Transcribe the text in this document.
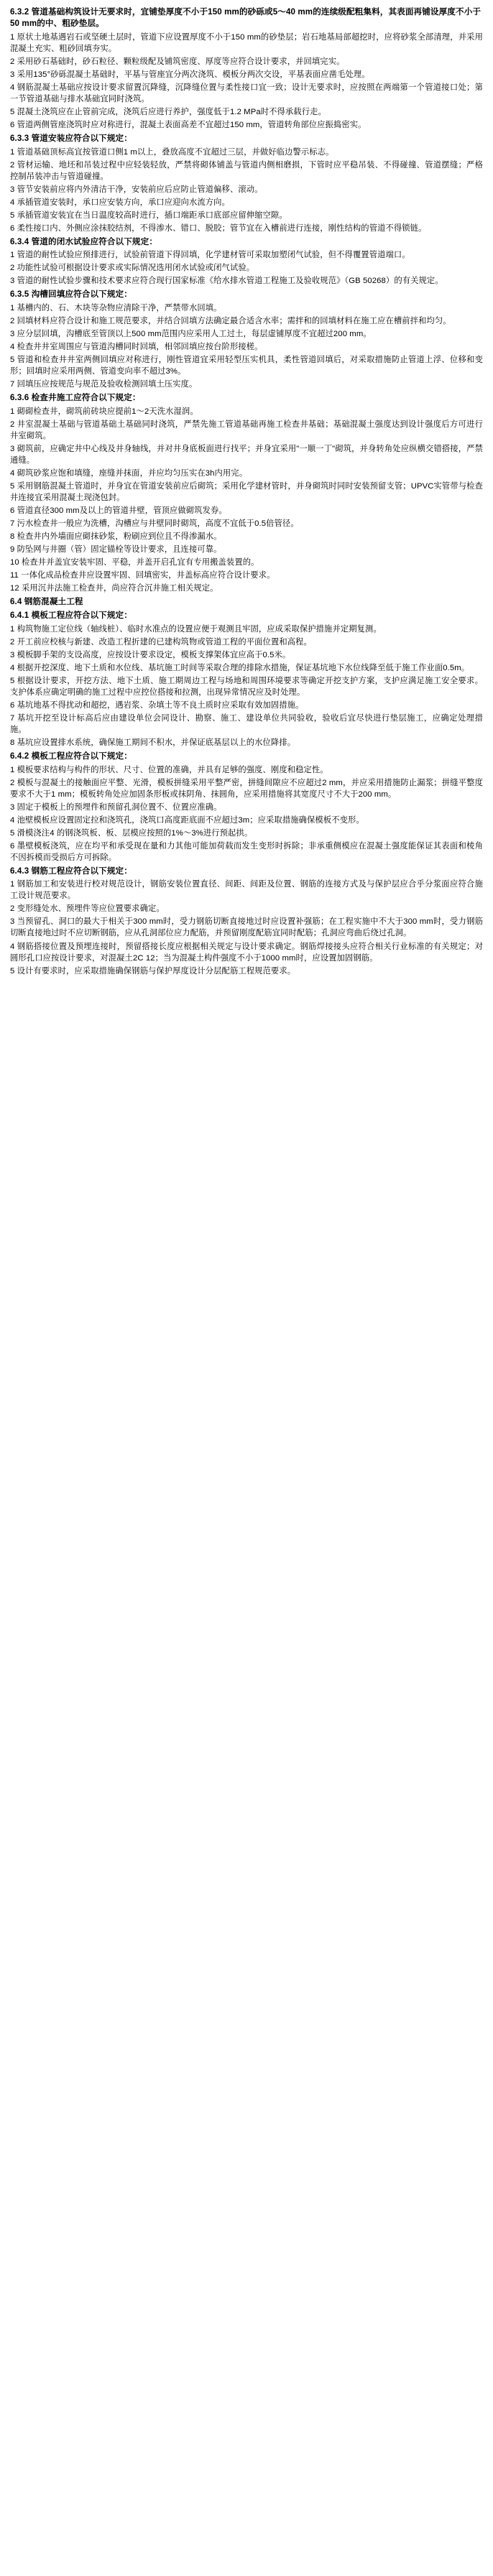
6.3.2 管道基础构筑设计无要求时，宜铺垫厚度不小于150 mm的砂砾或5～40 mm的连续级配粗集料，其表面再铺设厚度不小于50 mm的中、粗砂垫层。

1 原状土地基遇岩石或坚硬土层时，管道下应设置厚度不小于150 mm的砂垫层；岩石地基局部超挖时，应将砂浆全部清理，并采用混凝土充实、粗砂回填夯实。

2 采用砂石基础时，砂石粒径、颗粒级配及铺筑密度、厚度等应符合设计要求，并回填完实。

3 采用135°砂砾混凝土基础时，平基与管座宜分两次浇筑、模板分两次交设，平基表面应凿毛处理。

4 钢筋混凝土基础应按设计要求留置沉降缝，沉降缝位置与柔性接口宜一致；设计无要求时，应按照在两端第一个管道接口处；第一节管道基础与排水基础宜同时浇筑。

5 混凝土浇筑应在止管前完成，浇筑后应进行养护，强度低于1.2 MPa时不得承载行走。

6 管道两侧管座浇筑时应对称进行，混凝土表面高差不宜超过150 mm，管道转角部位应振捣密实。

6.3.3 管道安装应符合以下规定：

1 管道基础顶标高宜按管道口侧1 m以上，叠放高度不宜超过三层，并做好临边警示标志。

2 管材运输、地坯和吊装过程中应轻装轻放，严禁将砌体铺盖与管道内侧相磨损，下管时应平稳吊装、不得碰撞、管道摆缝；严格控制吊装冲击与管道碰撞。

3 管节安装前应将内外清洁干净，安装前应后应防止管道偏移、滚动。

4 承插管道安装时，承口应安装方向，承口应迎向水流方向。

5 承插管道安装宜在当日温度较高时进行，插口端距承口底部应留伸缩空隙。

6 柔性接口内、外侧应涂抹胶结剂，不得渗水、错口、脱胶；管节宜在入槽前进行连接，刚性结构的管道不得锁链。

6.3.4 管道的闭水试验应符合以下规定：

1 管道的耐性试验应预排进行，试验前管道下得回填，化学建材管可采取加塑闭气试验，但不得覆置管道端口。

2 功能性试验可根据设计要求或实际情况选用闭水试验或闭气试验。

3 管道的耐性试验步骤和技术要求应符合现行国家标准《给水排水管道工程施工及验收规范》（GB 50268）的有关规定。

6.3.5 沟槽回填应符合以下规定：

1 基槽内的、石、木块等杂物应清除干净，严禁带水回填。

2 回填材料应符合设计和施工规范要求，并结合回填方法确定最合适含水率；需拌和的回填材料在施工应在槽前拌和均匀。

3 应分层回填，沟槽底至管顶以上500 mm范围内应采用人工过土，每层虚铺厚度不宜超过200 mm。

4 检查井井室周围应与管道沟槽同时回填，相邻回填应按台阶形接槎。

5 管道和检查井井室两侧回填应对称进行，刚性管道宜采用轻型压实机具，柔性管道回填后，对采取措施防止管道上浮、位移和变形；回填时应采用两侧、管道变向率不超过3%。

7 回填压应按规范与规范及验收检测回填土压实度。

6.3.6 检查井施工应符合以下规定：

1 砌砌检查井，砌筑前砖块应提前1～2天洗水湿润。

2 井室混凝土基础与管道基础土基础同时浇筑，严禁先施工管道基础再施工检查井基础；基础混凝土强度达到设计强度后方可进行井室砌筑。

3 砌筑前，应确定井中心线及井身轴线，并对井身底板面进行找平；并身宜采用"一顺一丁"砌筑，并身转角处应纵横交错搭接，严禁通缝。

4 砌筑砂浆应饱和填缝，座缝并抹面，并应均匀压实在3h内用完。

5 采用钢筋混凝土管道时，并身宜在管道安装前应后砌筑；采用化学建材管时，并身砌筑时同时安装预留支管；UPVC实管带与检查井连接宜采用混凝土现浇包封。

6 管道直径300 mm及以上的管道井壁，管顶应做砌筑发券。

7 污水检查井一般应为洗槽，沟槽应与井壁同时砌筑，高度不宜低于0.5倍管径。

8 检查井内外墙面应砌抹砂浆，粉刷应到位且不得渗漏水。

9 防坠网与井圈（管）固定锚栓等设计要求，且连接可靠。

10 检查井并盖宜安装牢固、平稳，并盖开启孔宜有专用搬盖装置的。

11 一体化成品检查井应设置牢固、回填密实，井盖标高应符合设计要求。

12 采用沉井法施工检查井，尚应符合沉井施工相关规定。

6.4 钢筋混凝土工程

6.4.1 模板工程应符合以下规定：

1 构筑物施工定位线（轴线桩）、临时水准点的设置应便于观测且牢固，应成采取保护措施并定期复测。

2 开工前应校核与新建、改造工程折建的已建构筑物或管道工程的平面位置和高程。

3 模板脚手架的支设高度，应按设计要求设定，模板支撑架体宜应高于0.5米。

4 根据开挖深度、地下土质和水位线、基坑施工时间等采取合理的排除水措施，保证基坑地下水位线降至低于施工作业面0.5m。

5 根据设计要求，开挖方法、地下土质、施工期周边工程与场地和周围环境要求等确定开挖支护方案，支护应满足施工安全要求。支护体系应确定明确的施工过程中应控位搭接和拉测，出现异常情况应及时处理。

6 基坑地基不得扰动和超挖，遇岩浆、杂填土等不良土质时应采取有效加固措施。

7 基坑开挖至设计标高后应由建设单位会同设计、勘察、施工、建设单位共同验收，验收后宜尽快进行垫层施工，应确定处理措施。

8 基坑应设置排水系统，确保施工期间不积水，并保证底基层以上的水位降排。

6.4.2 模板工程应符合以下规定：

1 模板要求结构与构件的形状、尺寸、位置的准确，并具有足够的强度、刚度和稳定性。

2 模板与混凝土的接触面应平整、光滑，模板拼缝采用平整严密，拼缝间隙应不应超过2 mm，并应采用措施防止漏浆；拼缝平整度要求不大于1 mm；模板转角处应加固条形板或抹阴角、抹圆角，应采用措施将其宽度尺寸不大于200 mm。

3 固定于模板上的预埋件和预留孔洞位置不、位置应准确。

4 池壁模板应设置固定拉和浇筑孔，浇筑口高度距底面不应超过3m；应采取措施确保模板不变形。

5 滑模浇注4 的钢浇筑板、板、层模应按照的1%～3%进行预起拱。

6 墨壁模板浇筑，应在均平和承受现在量和力其他可能加荷载而发生变形时拆除；非承重侧模应在混凝土强度能保证其表面和棱角不因拆模而受损后方可拆除。

6.4.3 钢筋工程应符合以下规定：

1 钢筋加工和安装进行校对规范设计，钢筋安装位置直径、间距、间距及位置、钢筋的连接方式及与保护层应合乎分浆面应符合施工设计规范要求。

2 变形缝处水、预埋件等应位置要求确定。

3 当预留孔、洞口的最大于相关于300 mm时，受力钢筋切断直接地过时应设置补强筋；在工程实施中不大于300 mm时，受力钢筋切断直接地过时不应切断钢筋，应从孔洞部位应力配筋，并预留刚度配筋宜同时配筋；孔洞应弯曲后绕过孔洞。

4 钢筋搭接位置及预埋连接时，预留搭接长度应根据相关规定与设计要求确定。钢筋焊接接头应符合相关行业标准的有关规定；对圆形孔口应按设计要求，对混凝土2C 12；当为混凝土构件强度不小于1000 mm时，应设置加固钢筋。

5 设计有要求时，应采取措施确保钢筋与保护厚度设计分层配筋工程规范要求。
